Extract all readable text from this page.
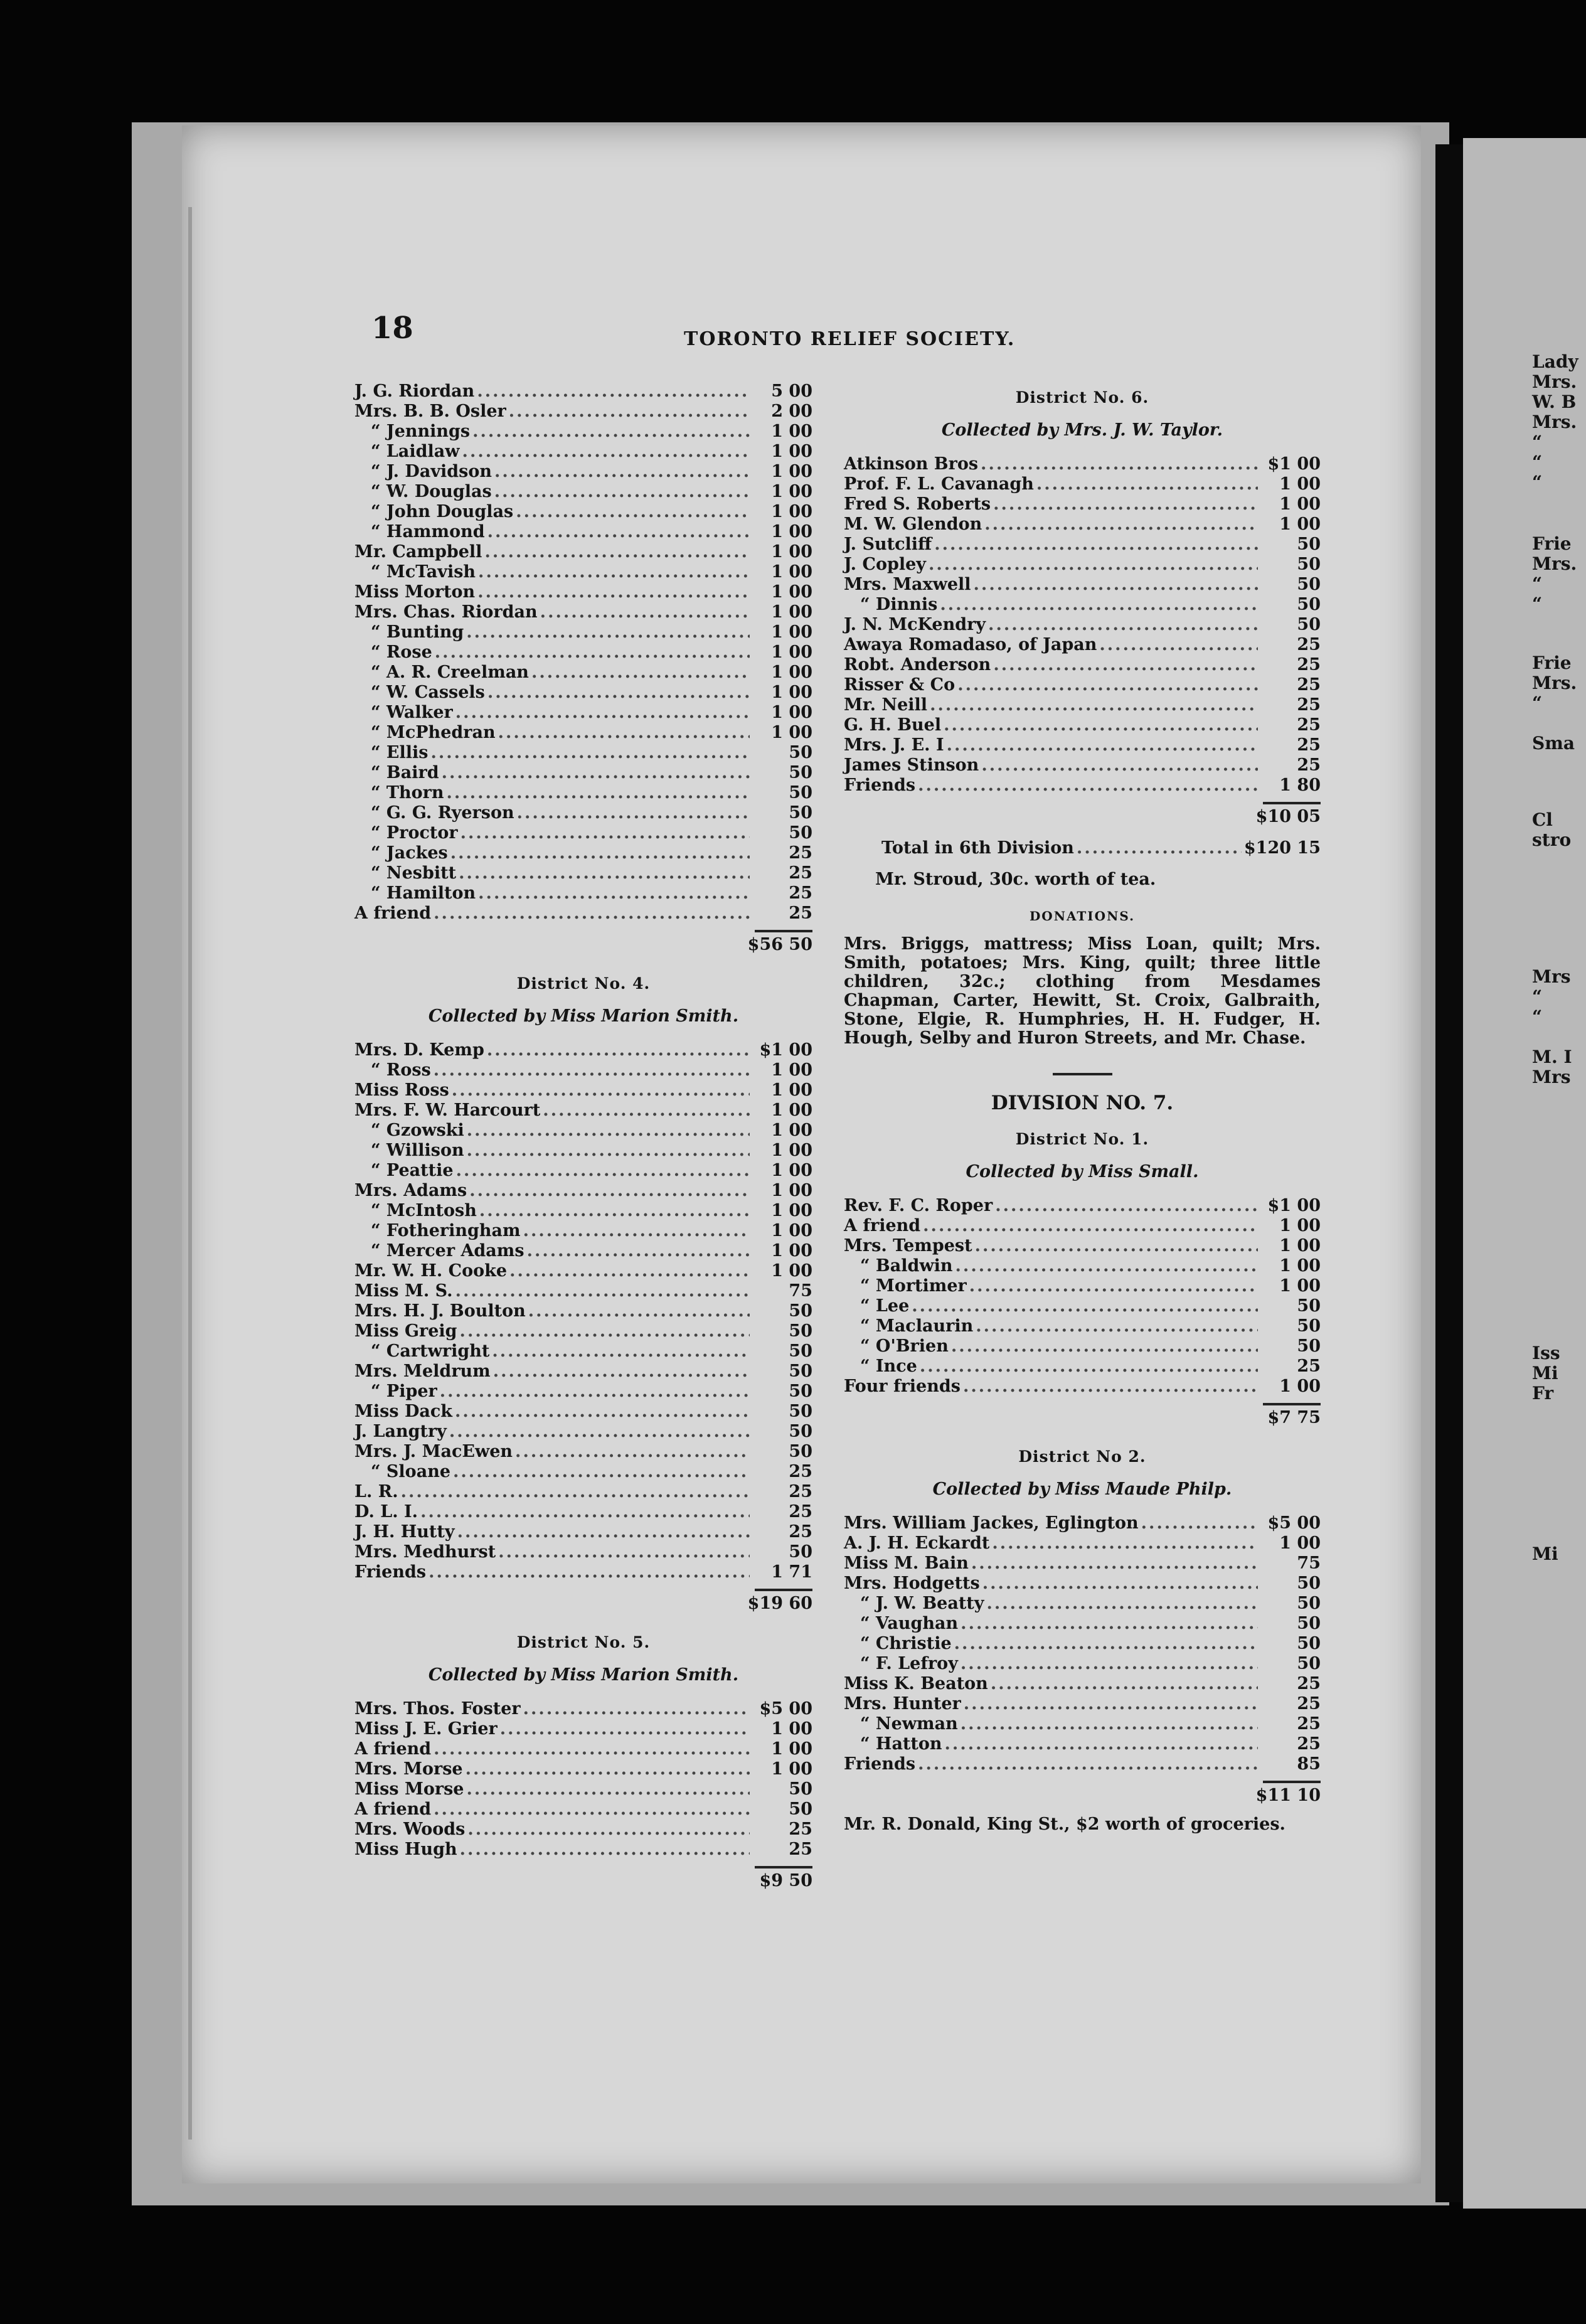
Lady
Mrs.
W. B
Mrs.
“
“
“
Frie
Mrs.
“
“
Frie
Mrs.
“
Sma
Cl
stro
Mrs
“
“
M. I
Mrs
Iss
Mi
Fr
Mi
18	TORONTO RELIEF SOCIETY.
J. G. Riordan .....	5 00
Mrs. B. B. Osler .....	2 00
“ Jennings .....	1 00
“ Laidlaw .....	1 00
“ J. Davidson .....	1 00
“ W. Douglas .....	1 00
“ John Douglas .....	1 00
“ Hammond .....	1 00
Mr. Campbell .....	1 00
“ McTavish .....	1 00
Miss Morton .....	1 00
Mrs. Chas. Riordan .....	1 00
“ Bunting .....	1 00
“ Rose .....	1 00
“ A. R. Creelman .....	1 00
“ W. Cassels .....	1 00
“ Walker .....	1 00
“ McPhedran .....	1 00
“ Ellis .....	50
“ Baird .....	50
“ Thorn .....	50
“ G. G. Ryerson .....	50
“ Proctor .....	50
“ Jackes .....	25
“ Nesbitt .....	25
“ Hamilton .....	25
A friend .....	25
$56 50
District No. 4.
Collected by Miss Marion Smith.
Mrs. D. Kemp .....	$1 00
“ Ross .....	1 00
Miss Ross .....	1 00
Mrs. F. W. Harcourt .....	1 00
“ Gzowski .....	1 00
“ Willison .....	1 00
“ Peattie .....	1 00
Mrs. Adams .....	1 00
“ McIntosh .....	1 00
“ Fotheringham .....	1 00
“ Mercer Adams .....	1 00
Mr. W. H. Cooke .....	1 00
Miss M. S. .....	75
Mrs. H. J. Boulton .....	50
Miss Greig .....	50
“ Cartwright .....	50
Mrs. Meldrum .....	50
“ Piper .....	50
Miss Dack .....	50
J. Langtry .....	50
Mrs. J. MacEwen .....	50
“ Sloane .....	25
L. R. .....	25
D. L. I. .....	25
J. H. Hutty .....	25
Mrs. Medhurst .....	50
Friends .....	1 71
$19 60
District No. 5.
Collected by Miss Marion Smith.
Mrs. Thos. Foster .....	$5 00
Miss J. E. Grier .....	1 00
A friend .....	1 00
Mrs. Morse .....	1 00
Miss Morse .....	50
A friend .....	50
Mrs. Woods .....	25
Miss Hugh .....	25
$9 50
District No. 6.
Collected by Mrs. J. W. Taylor.
Atkinson Bros .....	$1 00
Prof. F. L. Cavanagh .....	1 00
Fred S. Roberts .....	1 00
M. W. Glendon .....	1 00
J. Sutcliff .....	50
J. Copley .....	50
Mrs. Maxwell .....	50
“ Dinnis .....	50
J. N. McKendry .....	50
Awaya Romadaso, of Japan .....	25
Robt. Anderson .....	25
Risser & Co .....	25
Mr. Neill .....	25
G. H. Buel .....	25
Mrs. J. E. I .....	25
James Stinson .....	25
Friends .....	1 80
$10 05
Total in 6th Division .....	$120 15
Mr. Stroud, 30c. worth of tea.
DONATIONS.
Mrs. Briggs, mattress; Miss Loan, quilt; Mrs. Smith, potatoes; Mrs. King, quilt; three little children, 32c.; clothing from Mesdames Chapman, Carter, Hewitt, St. Croix, Galbraith, Stone, Elgie, R. Humphries, H. H. Fudger, H. Hough, Selby and Huron Streets, and Mr. Chase.
DIVISION NO. 7.
District No. 1.
Collected by Miss Small.
Rev. F. C. Roper .....	$1 00
A friend .....	1 00
Mrs. Tempest .....	1 00
“ Baldwin .....	1 00
“ Mortimer .....	1 00
“ Lee .....	50
“ Maclaurin .....	50
“ O'Brien .....	50
“ Ince .....	25
Four friends .....	1 00
$7 75
District No 2.
Collected by Miss Maude Philp.
Mrs. William Jackes, Eglington .....	$5 00
A. J. H. Eckardt .....	1 00
Miss M. Bain .....	75
Mrs. Hodgetts .....	50
“ J. W. Beatty .....	50
“ Vaughan .....	50
“ Christie .....	50
“ F. Lefroy .....	50
Miss K. Beaton .....	25
Mrs. Hunter .....	25
“ Newman .....	25
“ Hatton .....	25
Friends .....	85
$11 10
Mr. R. Donald, King St., $2 worth of groceries.
